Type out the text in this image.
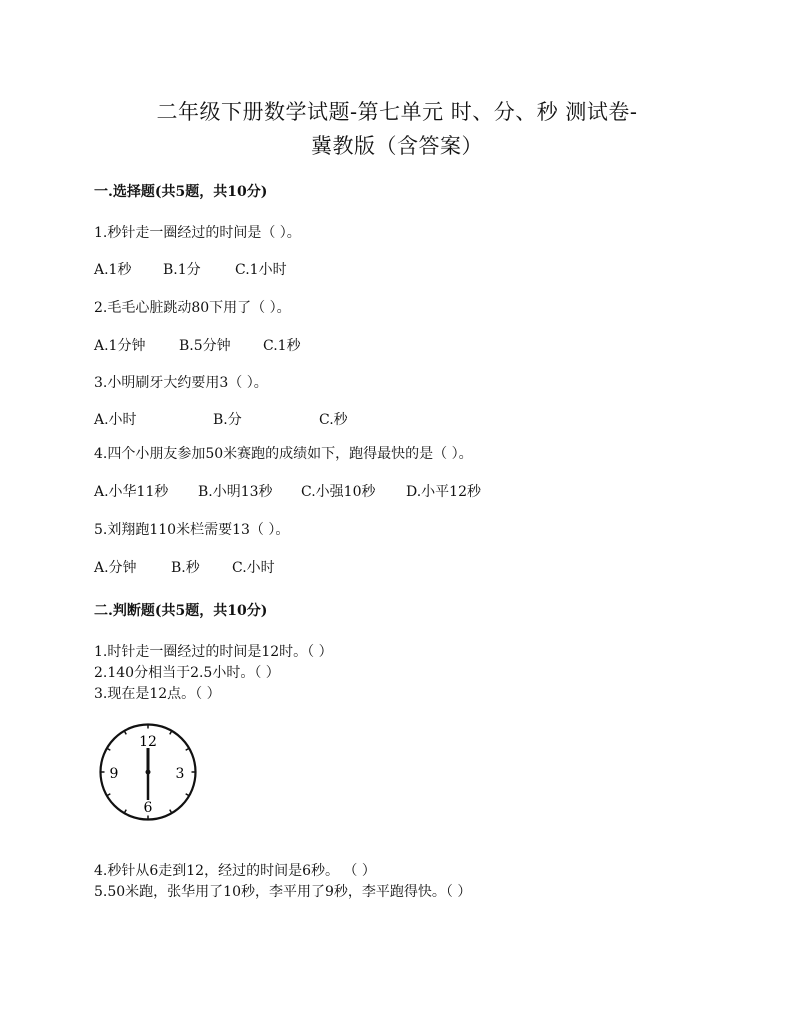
二年级下册数学试题-第七单元 时、分、秒 测试卷-
冀教版（含答案）
一.选择题(共5题，共10分)
1.秒针走一圈经过的时间是（ ）。
A.1秒 B.1分 C.1小时
2.毛毛心脏跳动80下用了（ ）。
A.1分钟 B.5分钟 C.1秒
3.小明刷牙大约要用3（ ）。
A.小时	B.分	C.秒
4.四个小朋友参加50米赛跑的成绩如下，跑得最快的是（ ）。
A.小华11秒 B.小明13秒 C.小强10秒 D.小平12秒
5.刘翔跑110米栏需要13（ ）。
A.分钟 B.秒 C.小时
二.判断题(共5题，共10分)
1.时针走一圈经过的时间是12时。（ ）
2.140分相当于2.5小时。（ ）
3.现在是12点。（ ）
12
3
6
9
4.秒针从6走到12，经过的时间是6秒。 （ ）
5.50米跑，张华用了10秒，李平用了9秒，李平跑得快。（ ）
